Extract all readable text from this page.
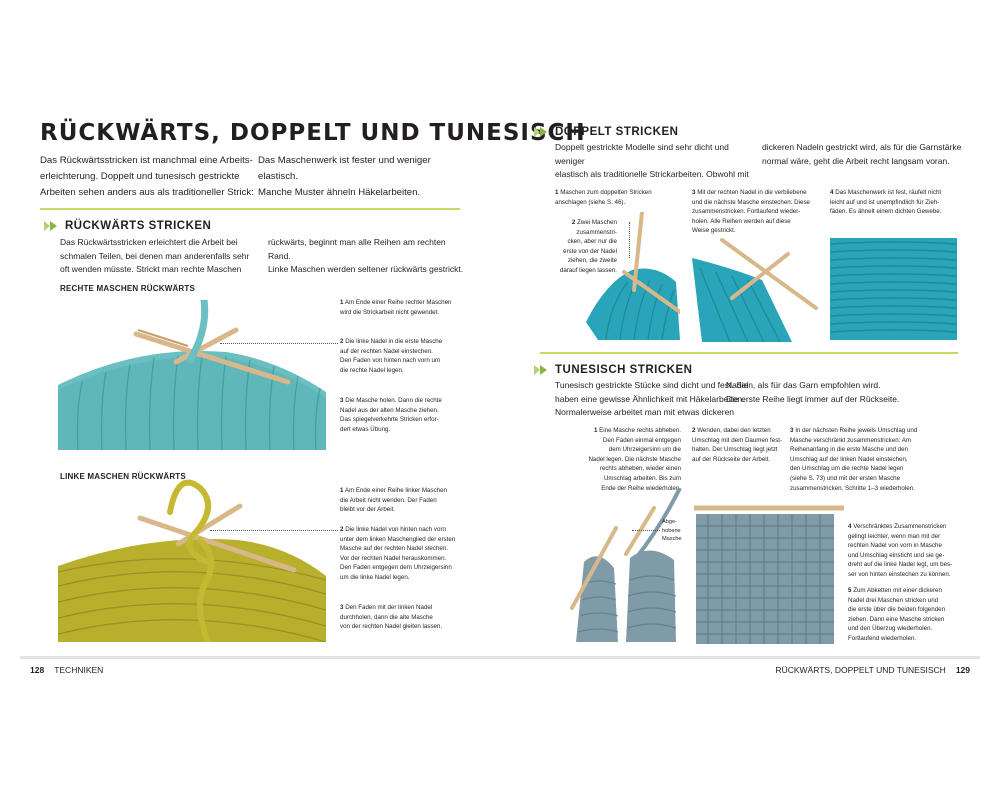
RÜCKWÄRTS, DOPPELT UND TUNESISCH
Das Rückwärtsstricken ist manchmal eine Arbeits-
erleichterung. Doppelt und tunesisch gestrickte
Arbeiten sehen anders aus als traditioneller Strick:
Das Maschenwerk ist fester und weniger elastisch.
Manche Muster ähneln Häkelarbeiten.
RÜCKWÄRTS STRICKEN
Das Rückwärtsstricken erleichtert die Arbeit bei
schmalen Teilen, bei denen man anderenfalls sehr
oft wenden müsste. Strickt man rechte Maschen
rückwärts, beginnt man alle Reihen am rechten Rand.
Linke Maschen werden seltener rückwärts gestrickt.
RECHTE MASCHEN RÜCKWÄRTS
1 Am Ende einer Reihe rechter Maschen
wird die Strickarbeit nicht gewendet.
2 Die linke Nadel in die erste Masche
auf der rechten Nadel einstechen.
Den Faden von hinten nach vorn um
die rechte Nadel legen.
3 Die Masche holen. Dann die rechte
Nadel aus der alten Masche ziehen.
Das spiegelverkehrte Stricken erfor-
dert etwas Übung.
LINKE MASCHEN RÜCKWÄRTS
1 Am Ende einer Reihe linker Maschen
die Arbeit nicht wenden. Der Faden
bleibt vor der Arbeit.
2 Die linke Nadel von hinten nach vorn
unter dem linken Maschenglied der ersten
Masche auf der rechten Nadel stechen.
Vor der rechten Nadel herauskommen.
Den Faden entgegen dem Uhrzeigersinn
um die linke Nadel legen.
3 Den Faden mit der linken Nadel
durchholen, dann die alte Masche
von der rechten Nadel gleiten lassen.
DOPPELT STRICKEN
Doppelt gestrickte Modelle sind sehr dicht und weniger
elastisch als traditionelle Strickarbeiten. Obwohl mit
dickeren Nadeln gestrickt wird, als für die Garnstärke
normal wäre, geht die Arbeit recht langsam voran.
1 Maschen zum doppelten Stricken
anschlagen (siehe S. 46).
2 Zwei Maschen
zusammenstri-
cken, aber nur die
erste von der Nadel
ziehen, die zweite
darauf liegen lassen.
3 Mit der rechten Nadel in die verbliebene
und die nächste Masche einstechen. Diese
zusammenstricken. Fortlaufend wieder-
holen. Alle Reihen werden auf diese
Weise gestrickt.
4 Das Maschenwerk ist fest, räufelt nicht
leicht auf und ist unempfindlich für Zieh-
fäden. Es ähnelt einem dichten Gewebe.
TUNESISCH STRICKEN
Tunesisch gestrickte Stücke sind dicht und fest. Sie
haben eine gewisse Ähnlichkeit mit Häkelarbeiten.
Normalerweise arbeitet man mit etwas dickeren
Nadeln, als für das Garn empfohlen wird.
Die erste Reihe liegt immer auf der Rückseite.
1 Eine Masche rechts abheben.
Den Faden einmal entgegen
dem Uhrzeigersinn um die
Nadel legen. Die nächste Masche
rechts abheben, wieder einen
Umschlag arbeiten. Bis zum
Ende der Reihe wiederholen.
2 Wenden, dabei den letzten
Umschlag mit dem Daumen fest-
halten. Der Umschlag liegt jetzt
auf der Rückseite der Arbeit.
3 In der nächsten Reihe jeweils Umschlag und
Masche verschränkt zusammenstricken: Am
Reihenanfang in die erste Masche und den
Umschlag auf der linken Nadel einstechen,
den Umschlag um die rechte Nadel legen
(siehe S. 73) und mit der ersten Masche
zusammenstricken. Schritte 1–3 wiederholen.
Abge-
hobene
Masche
4 Verschränktes Zusammenstricken
gelingt leichter, wenn man mit der
rechten Nadel von vorn in Masche
und Umschlag einsticht und sie ge-
dreht auf die linke Nadel legt, um bes-
ser von hinten einstechen zu können.
5 Zum Abketten mit einer dickeren
Nadel drei Maschen stricken und
die erste über die beiden folgenden
ziehen. Dann eine Masche stricken
und den Überzug wiederholen.
Fortlaufend wiederholen.
128 TECHNIKEN	RÜCKWÄRTS, DOPPELT UND TUNESISCH 129
